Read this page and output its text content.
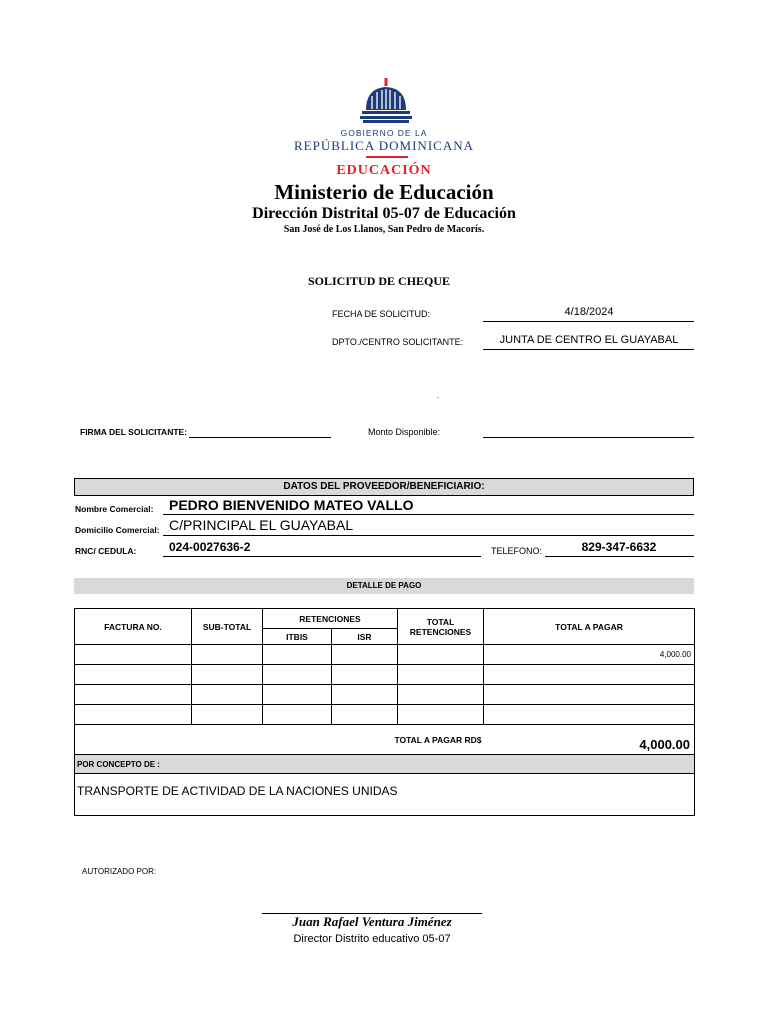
GOBIERNO DE LA
REPÚBLICA DOMINICANA
EDUCACIÓN
Ministerio de Educación
Dirección Distrital 05-07 de Educación
San José de Los Llanos, San Pedro de Macorís.
SOLICITUD DE CHEQUE
FECHA DE SOLICITUD:	4/18/2024
DPTO./CENTRO SOLICITANTE:	JUNTA DE CENTRO EL GUAYABAL
.
FIRMA DEL SOLICITANTE:	Monto Disponible:
DATOS DEL PROVEEDOR/BENEFICIARIO:
Nombre Comercial: PEDRO BIENVENIDO MATEO VALLO
Domicilio Comercial: C/PRINCIPAL EL GUAYABAL
RNC/ CEDULA:	024-0027636-2	TELEFONO:	829-347-6632
DETALLE DE PAGO
FACTURA NO.	SUB-TOTAL	RETENCIONES		TOTAL RETENCIONES	TOTAL A PAGAR
		ITBIS	ISR		
					4,000.00

TOTAL A PAGAR RD$					4,000.00
POR CONCEPTO DE :					
TRANSPORTE DE ACTIVIDAD DE LA NACIONES UNIDAS					
AUTORIZADO POR:
Juan Rafael Ventura Jiménez
Director Distrito educativo 05-07
